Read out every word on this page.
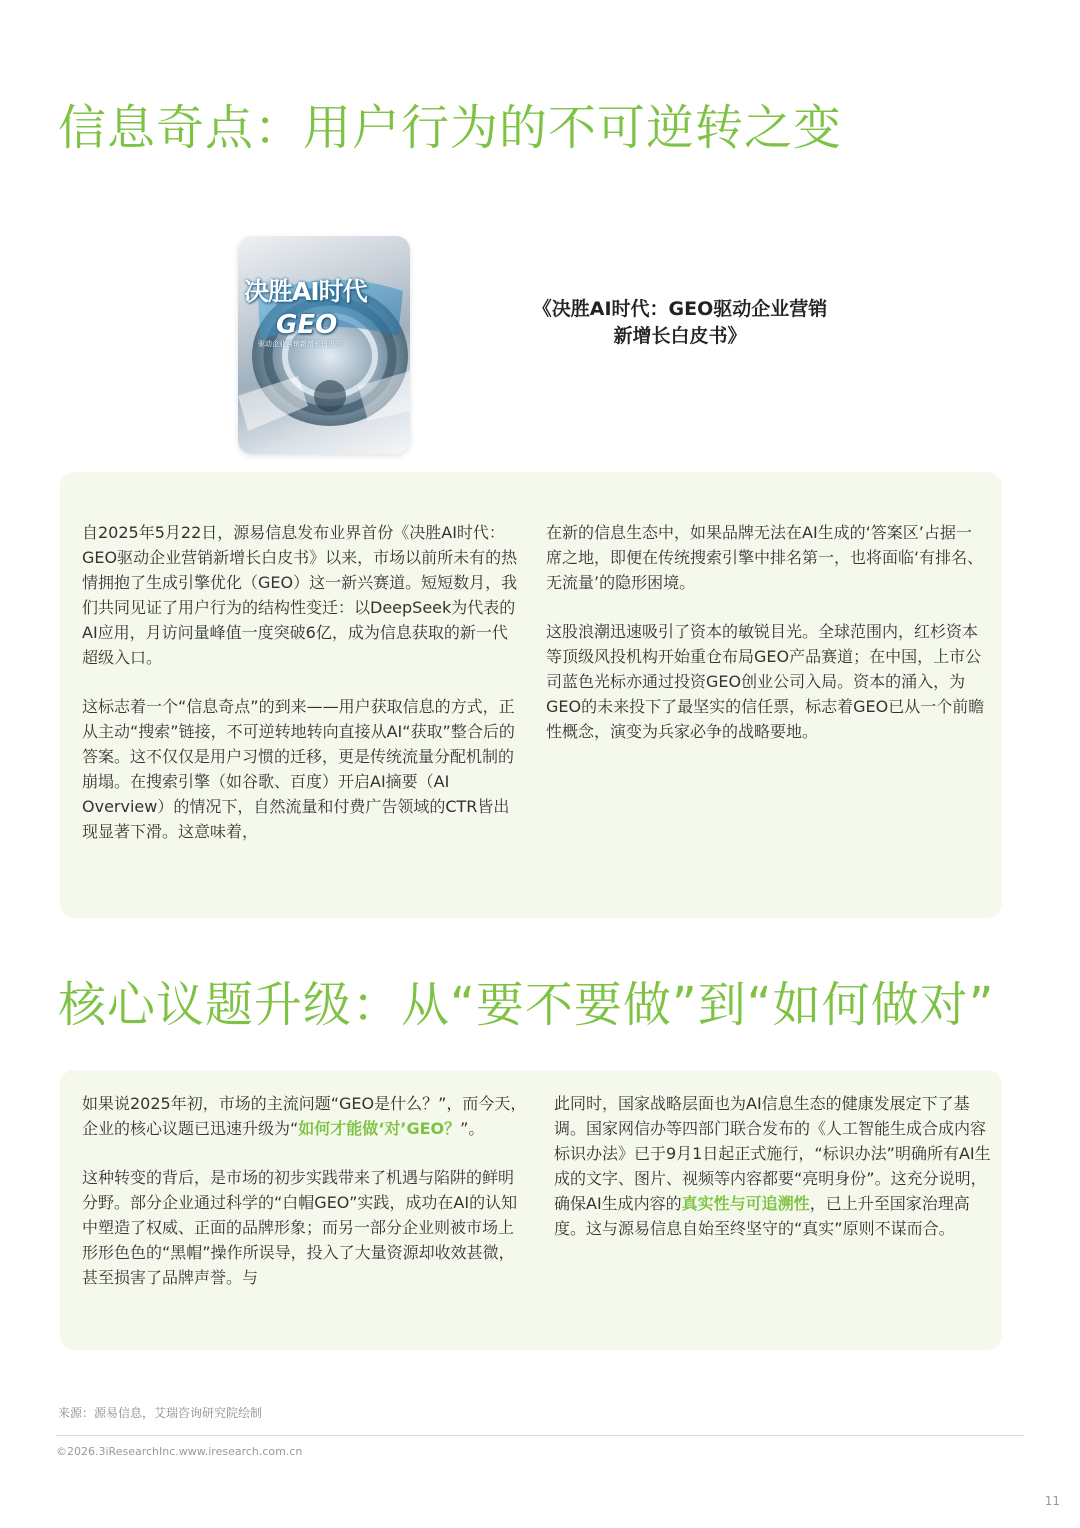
信息奇点：用户行为的不可逆转之变
决胜AI时代
GEO
驱动企业营销新增长白皮书
《决胜AI时代：GEO驱动企业营销
新增长白皮书》

自2025年5月22日，源易信息发布业界首份《决胜AI时代：GEO驱动企业营销新增长白皮书》以来，市场以前所未有的热情拥抱了生成引擎优化（GEO）这一新兴赛道。短短数月，我们共同见证了用户行为的结构性变迁：以DeepSeek为代表的AI应用，月访问量峰值一度突破6亿，成为信息获取的新一代超级入口。

这标志着一个“信息奇点”的到来——用户获取信息的方式，正从主动“搜索”链接，不可逆转地转向直接从AI“获取”整合后的答案。这不仅仅是用户习惯的迁移，更是传统流量分配机制的崩塌。在搜索引擎（如谷歌、百度）开启AI摘要（AI Overview）的情况下，自然流量和付费广告领域的CTR皆出现显著下滑。这意味着，

在新的信息生态中，如果品牌无法在AI生成的‘答案区’占据一席之地，即便在传统搜索引擎中排名第一，也将面临‘有排名、无流量’的隐形困境。

这股浪潮迅速吸引了资本的敏锐目光。全球范围内，红杉资本等顶级风投机构开始重仓布局GEO产品赛道；在中国，上市公司蓝色光标亦通过投资GEO创业公司入局。资本的涌入，为GEO的未来投下了最坚实的信任票，标志着GEO已从一个前瞻性概念，演变为兵家必争的战略要地。

核心议题升级：从“要不要做”到“如何做对”

如果说2025年初，市场的主流问题“GEO是什么？”，而今天，企业的核心议题已迅速升级为“如何才能做‘对’GEO？”。

这种转变的背后，是市场的初步实践带来了机遇与陷阱的鲜明分野。部分企业通过科学的“白帽GEO”实践，成功在AI的认知中塑造了权威、正面的品牌形象；而另一部分企业则被市场上形形色色的“黑帽”操作所误导，投入了大量资源却收效甚微，甚至损害了品牌声誉。与

此同时，国家战略层面也为AI信息生态的健康发展定下了基调。国家网信办等四部门联合发布的《人工智能生成合成内容标识办法》已于9月1日起正式施行，“标识办法”明确所有AI生成的文字、图片、视频等内容都要“亮明身份”。这充分说明，确保AI生成内容的真实性与可追溯性，已上升至国家治理高度。这与源易信息自始至终坚守的“真实”原则不谋而合。

来源：源易信息，艾瑞咨询研究院绘制
©2026.3iResearchInc.www.iresearch.com.cn
11
